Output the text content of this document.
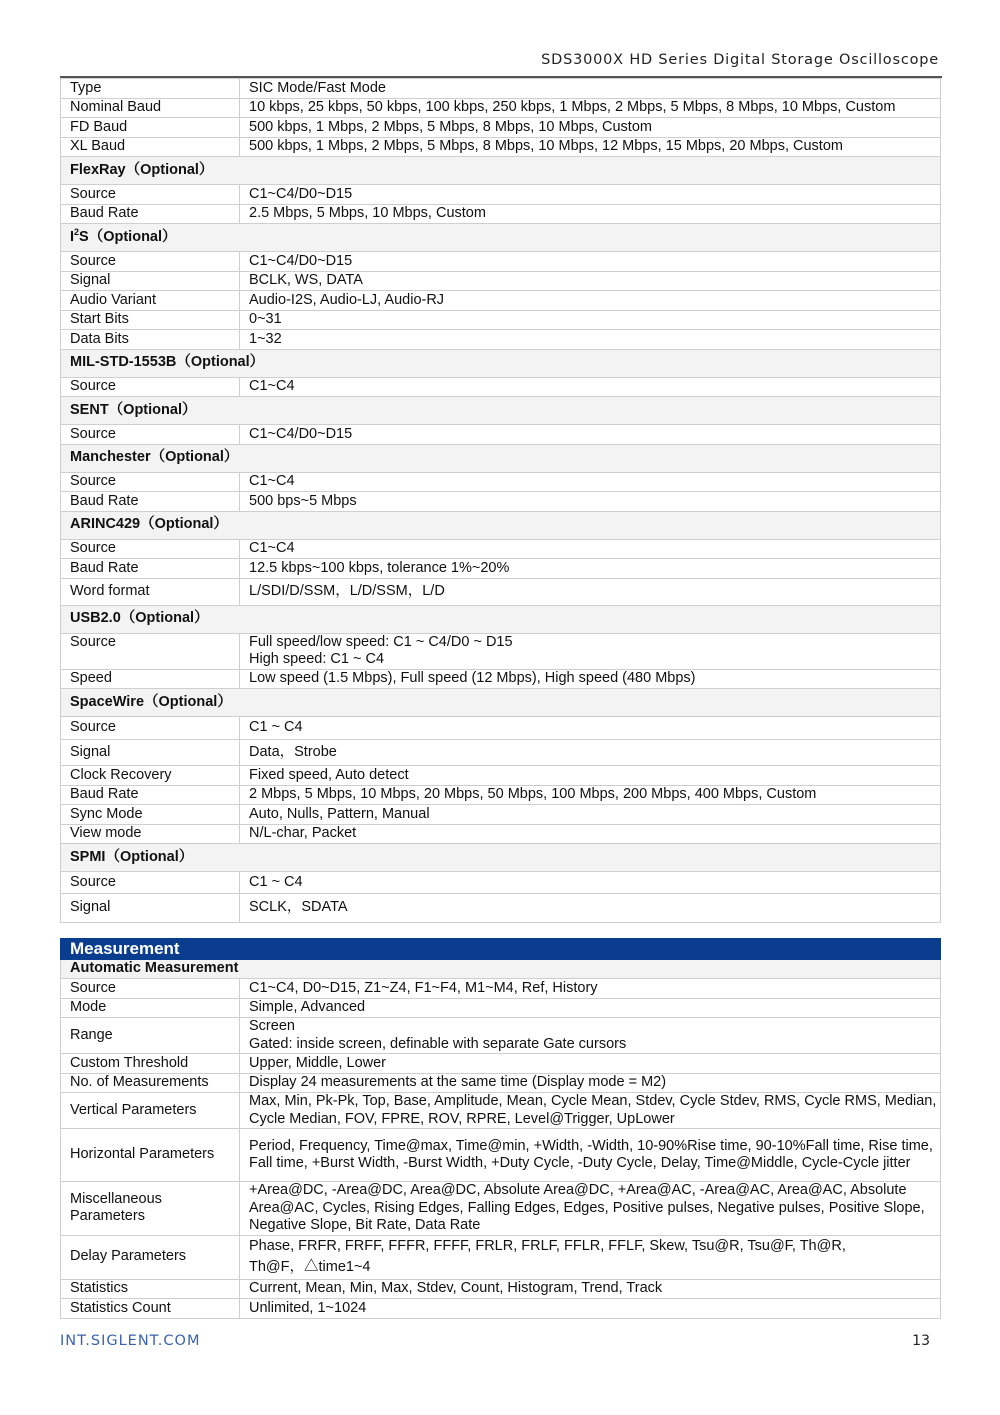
SDS3000X HD Series Digital Storage Oscilloscope
Type	SIC Mode/Fast Mode
Nominal Baud	10 kbps, 25 kbps, 50 kbps, 100 kbps, 250 kbps, 1 Mbps, 2 Mbps, 5 Mbps, 8 Mbps, 10 Mbps, Custom
FD Baud	500 kbps, 1 Mbps, 2 Mbps, 5 Mbps, 8 Mbps, 10 Mbps, Custom
XL Baud	500 kbps, 1 Mbps, 2 Mbps, 5 Mbps, 8 Mbps, 10 Mbps, 12 Mbps, 15 Mbps, 20 Mbps, Custom
FlexRay（Optional）	
Source	C1~C4/D0~D15
Baud Rate	2.5 Mbps, 5 Mbps, 10 Mbps, Custom
$I^2S(Optional)$	
Source	C1~C4/D0~D15
Signal	BCLK, WS, DATA
Audio Variant	Audio-I2S, Audio-LJ, Audio-RJ
Start Bits	0~31
Data Bits	1~32
MIL-STD-1553B（Optional）	
Source	C1~C4
SENT（Optional）	
Source	C1~C4/D0~D15
Manchester（Optional）	
Source	C1~C4
Baud Rate	500 bps~5 Mbps
ARINC429（Optional）	
Source	C1~C4
Baud Rate	12.5 kbps~100 kbps, tolerance 1%~20%
Word format	L/SDI/D/SSM，L/D/SSM，L/D
USB2.0（Optional）	
Source	Full speed/low speed: C1 ~ C4/D0 ~ D15
High speed: C1 ~ C4

Speed	Low speed (1.5 Mbps), Full speed (12 Mbps), High speed (480 Mbps)
SpaceWire（Optional）	
Source	C1 ~ C4
Signal	Data，Strobe
Clock Recovery	Fixed speed, Auto detect
Baud Rate	2 Mbps, 5 Mbps, 10 Mbps, 20 Mbps, 50 Mbps, 100 Mbps, 200 Mbps, 400 Mbps, Custom
Sync Mode	Auto, Nulls, Pattern, Manual
View mode	N/L-char, Packet
SPMI（Optional）	
Source	C1 ~ C4
Signal	SCLK，SDATA
Measurement	
Automatic Measurement	
Source	C1~C4, D0~D15, Z1~Z4, F1~F4, M1~M4, Ref, History
Mode	Simple, Advanced
Range	Screen
Gated: inside screen, definable with separate Gate cursors

Custom Threshold	Upper, Middle, Lower
No. of Measurements	Display 24 measurements at the same time (Display mode = M2)
Vertical Parameters	Max, Min, Pk-Pk, Top, Base, Amplitude, Mean, Cycle Mean, Stdev, Cycle Stdev, RMS, Cycle RMS, Median, Cycle Median, FOV, FPRE, ROV, RPRE, Level@Trigger, UpLower
Horizontal Parameters	Period, Frequency, Time@max, Time@min, +Width, -Width, 10-90%Rise time, 90-10%Fall time, Rise time, Fall time, +Burst Width, -Burst Width, +Duty Cycle, -Duty Cycle, Delay, Time@Middle, Cycle-Cycle jitter
Miscellaneous Parameters	+Area@DC, -Area@DC, Area@DC, Absolute Area@DC, +Area@AC, -Area@AC, Area@AC, Absolute Area@AC, Cycles, Rising Edges, Falling Edges, Edges, Positive pulses, Negative pulses, Positive Slope, Negative Slope, Bit Rate, Data Rate
Delay Parameters	Phase, FRFR, FRFF, FFFR, FFFF, FRLR, FRLF, FFLR, FFLF, Skew, Tsu@R, Tsu@F, Th@R,
Th@F，△time1~4

Statistics	Current, Mean, Min, Max, Stdev, Count, Histogram, Trend, Track
Statistics Count	Unlimited, 1~1024
INT.SIGLENT.COM	13
